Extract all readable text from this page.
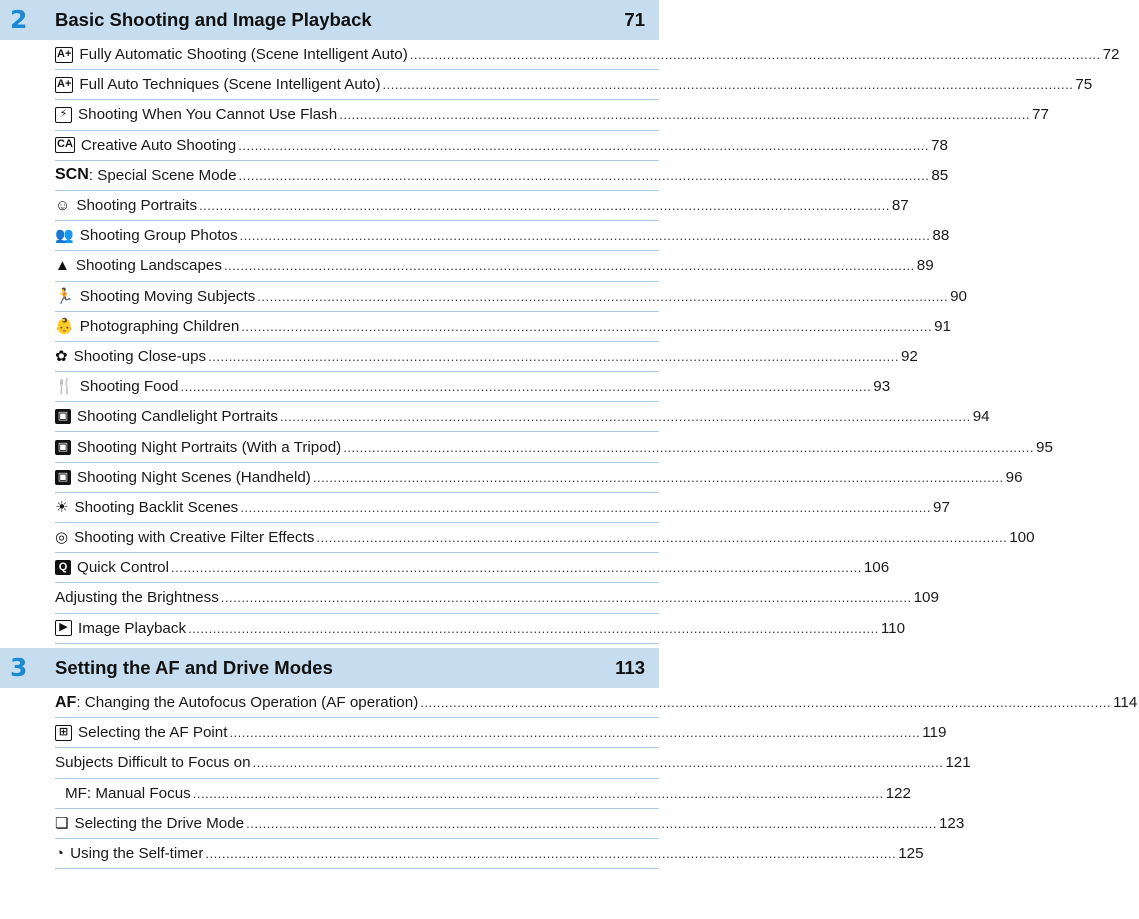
2	Basic Shooting and Image Playback	71
A+ Fully Automatic Shooting (Scene Intelligent Auto) ........................................................................................................................................................................ 72
A+ Full Auto Techniques (Scene Intelligent Auto) ........................................................................................................................................................................ 75
⚡ Shooting When You Cannot Use Flash ........................................................................................................................................................................ 77
CA Creative Auto Shooting ........................................................................................................................................................................ 78
SCN : Special Scene Mode ........................................................................................................................................................................ 85
☺ Shooting Portraits ........................................................................................................................................................................ 87
👥 Shooting Group Photos ........................................................................................................................................................................ 88
▲ Shooting Landscapes ........................................................................................................................................................................ 89
🏃 Shooting Moving Subjects ........................................................................................................................................................................ 90
👶 Photographing Children ........................................................................................................................................................................ 91
✿ Shooting Close-ups ........................................................................................................................................................................ 92
🍴 Shooting Food ........................................................................................................................................................................ 93
▣ Shooting Candlelight Portraits ........................................................................................................................................................................ 94
▣ Shooting Night Portraits (With a Tripod) ........................................................................................................................................................................ 95
▣ Shooting Night Scenes (Handheld) ........................................................................................................................................................................ 96
☀ Shooting Backlit Scenes ........................................................................................................................................................................ 97
◎ Shooting with Creative Filter Effects ........................................................................................................................................................................ 100
Q Quick Control ........................................................................................................................................................................ 106
Adjusting the Brightness ........................................................................................................................................................................ 109
▶ Image Playback ........................................................................................................................................................................ 110
3	Setting the AF and Drive Modes	113
AF : Changing the Autofocus Operation (AF operation) ........................................................................................................................................................................ 114
⊞ Selecting the AF Point ........................................................................................................................................................................ 119
Subjects Difficult to Focus on ........................................................................................................................................................................ 121
MF: Manual Focus ........................................................................................................................................................................ 122
❏ Selecting the Drive Mode ........................................................................................................................................................................ 123
◔ Using the Self-timer ........................................................................................................................................................................ 125
